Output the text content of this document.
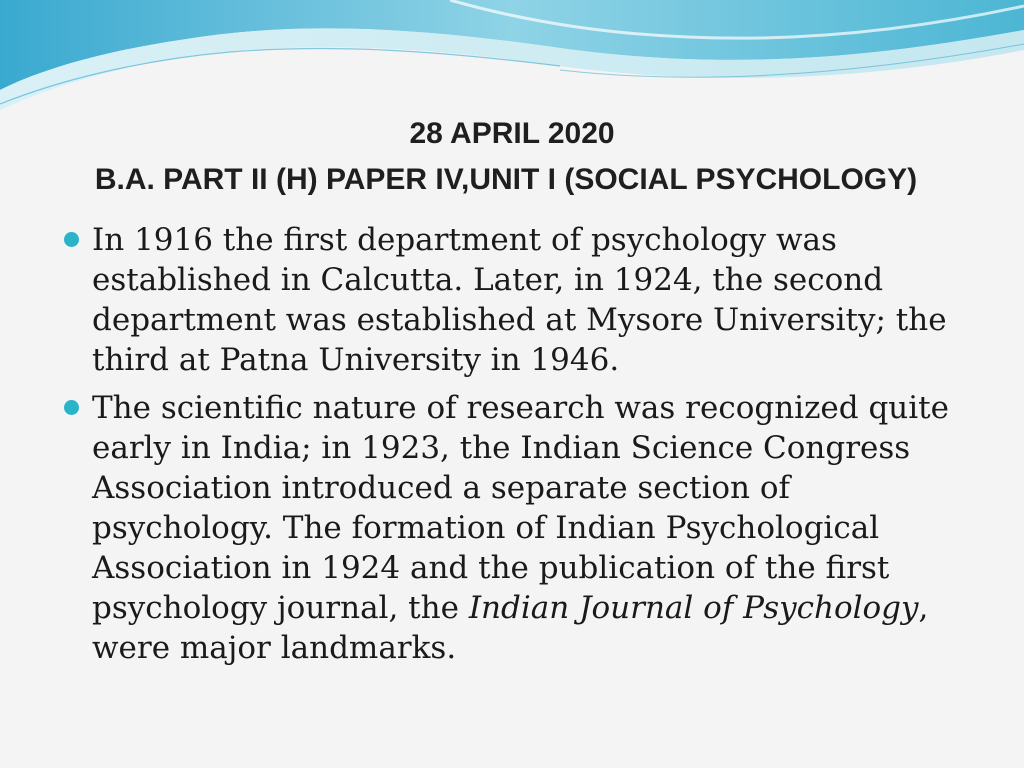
28 APRIL 2020
B.A. PART II (H) PAPER IV,UNIT I (SOCIAL PSYCHOLOGY)
In 1916 the first department of psychology was established in Calcutta. Later, in 1924, the second department was established at Mysore University; the third at Patna University in 1946.
The scientific nature of research was recognized quite early in India; in 1923, the Indian Science Congress Association introduced a separate section of psychology. The formation of Indian Psychological Association in 1924 and the publication of the first psychology journal, the Indian Journal of Psychology, were major landmarks.
